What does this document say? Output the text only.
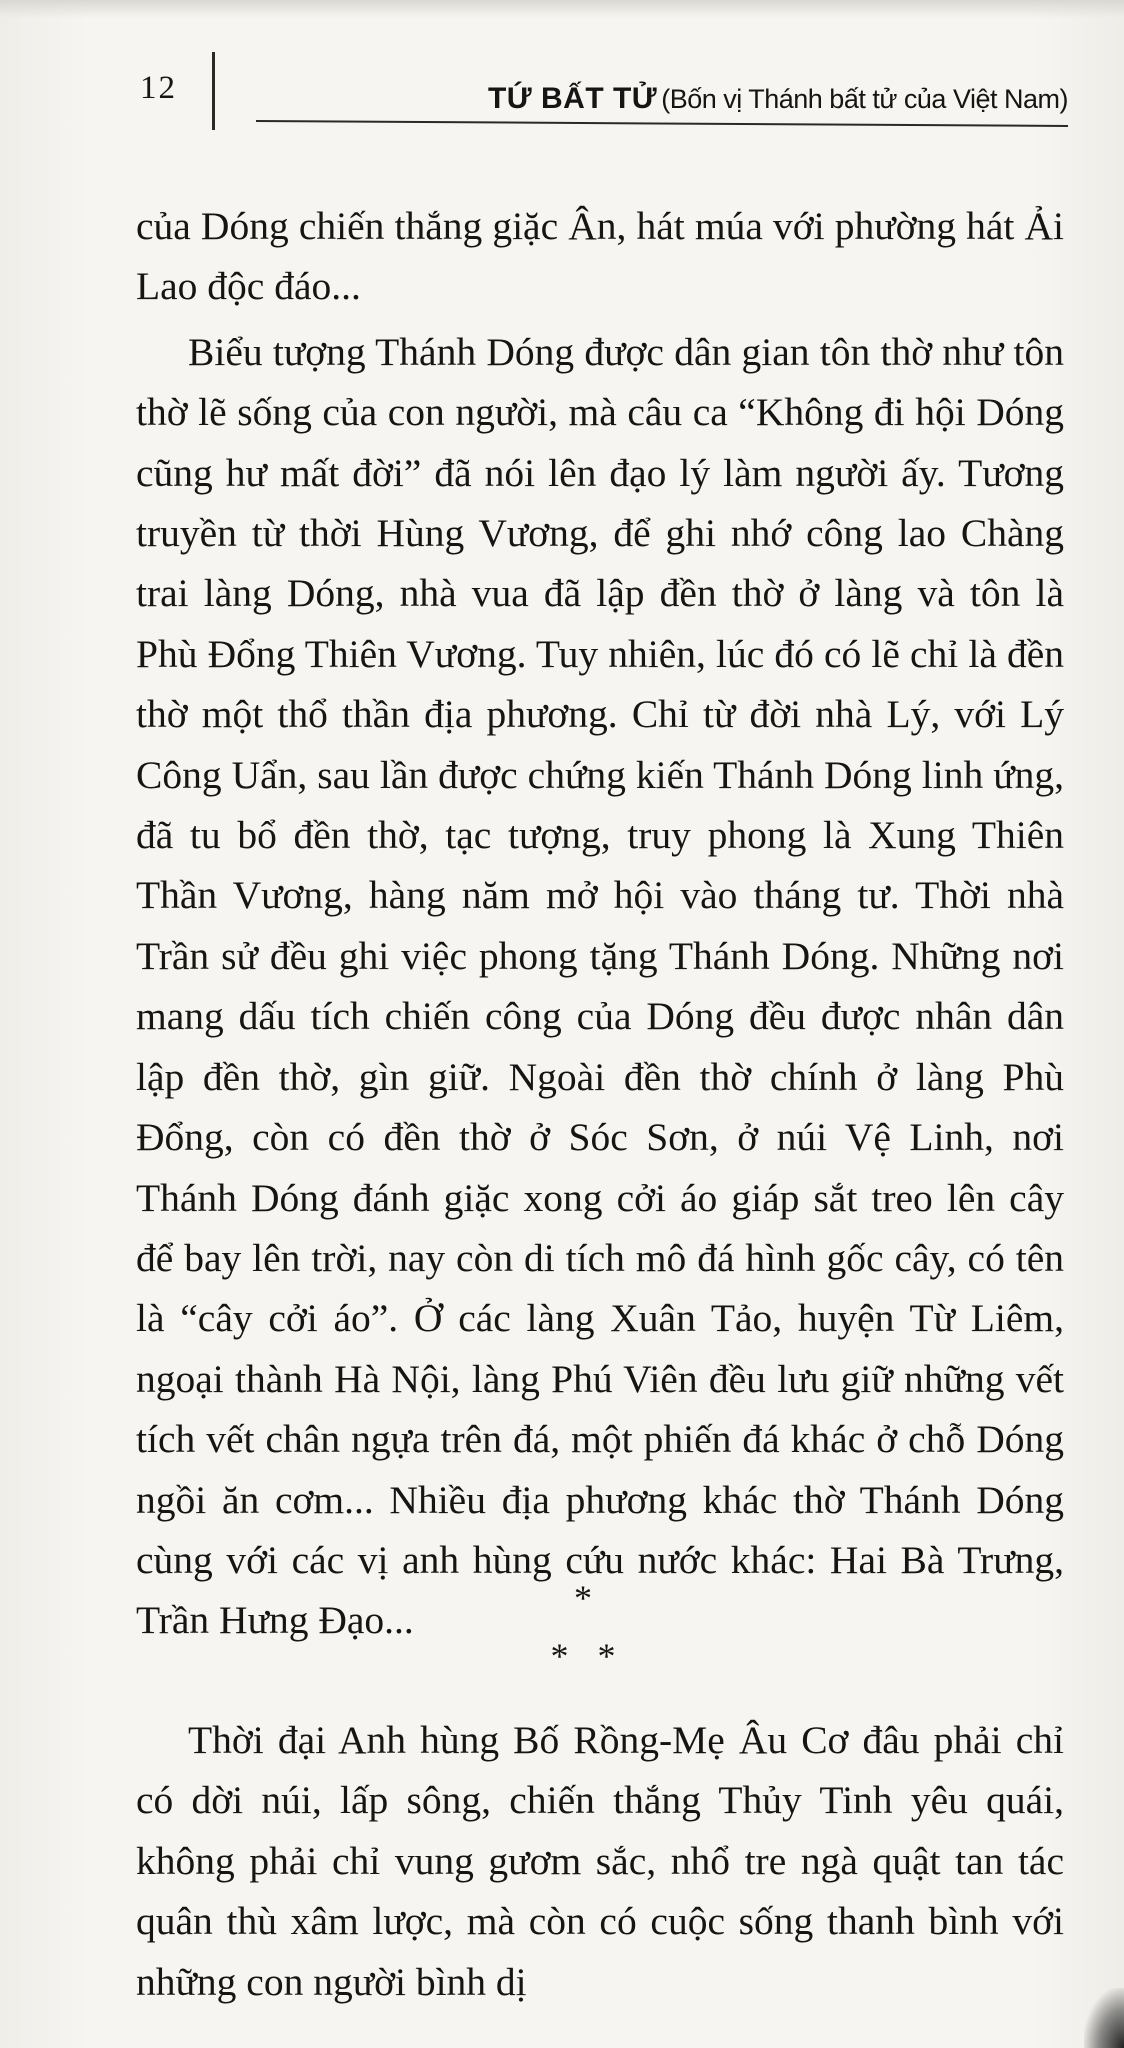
12	TỨ BẤT TỬ (Bốn vị Thánh bất tử của Việt Nam)

của Dóng chiến thắng giặc Ân, hát múa với phường hát Ải Lao độc đáo...

Biểu tượng Thánh Dóng được dân gian tôn thờ như tôn thờ lẽ sống của con người, mà câu ca “Không đi hội Dóng cũng hư mất đời” đã nói lên đạo lý làm người ấy. Tương truyền từ thời Hùng Vương, để ghi nhớ công lao Chàng trai làng Dóng, nhà vua đã lập đền thờ ở làng và tôn là Phù Đổng Thiên Vương. Tuy nhiên, lúc đó có lẽ chỉ là đền thờ một thổ thần địa phương. Chỉ từ đời nhà Lý, với Lý Công Uẩn, sau lần được chứng kiến Thánh Dóng linh ứng, đã tu bổ đền thờ, tạc tượng, truy phong là Xung Thiên Thần Vương, hàng năm mở hội vào tháng tư. Thời nhà Trần sử đều ghi việc phong tặng Thánh Dóng. Những nơi mang dấu tích chiến công của Dóng đều được nhân dân lập đền thờ, gìn giữ. Ngoài đền thờ chính ở làng Phù Đổng, còn có đền thờ ở Sóc Sơn, ở núi Vệ Linh, nơi Thánh Dóng đánh giặc xong cởi áo giáp sắt treo lên cây để bay lên trời, nay còn di tích mô đá hình gốc cây, có tên là “cây cởi áo”. Ở các làng Xuân Tảo, huyện Từ Liêm, ngoại thành Hà Nội, làng Phú Viên đều lưu giữ những vết tích vết chân ngựa trên đá, một phiến đá khác ở chỗ Dóng ngồi ăn cơm... Nhiều địa phương khác thờ Thánh Dóng cùng với các vị anh hùng cứu nước khác: Hai Bà Trưng, Trần Hưng Đạo...

*
* *

Thời đại Anh hùng Bố Rồng-Mẹ Âu Cơ đâu phải chỉ có dời núi, lấp sông, chiến thắng Thủy Tinh yêu quái, không phải chỉ vung gươm sắc, nhổ tre ngà quật tan tác quân thù xâm lược, mà còn có cuộc sống thanh bình với những con người bình dị
